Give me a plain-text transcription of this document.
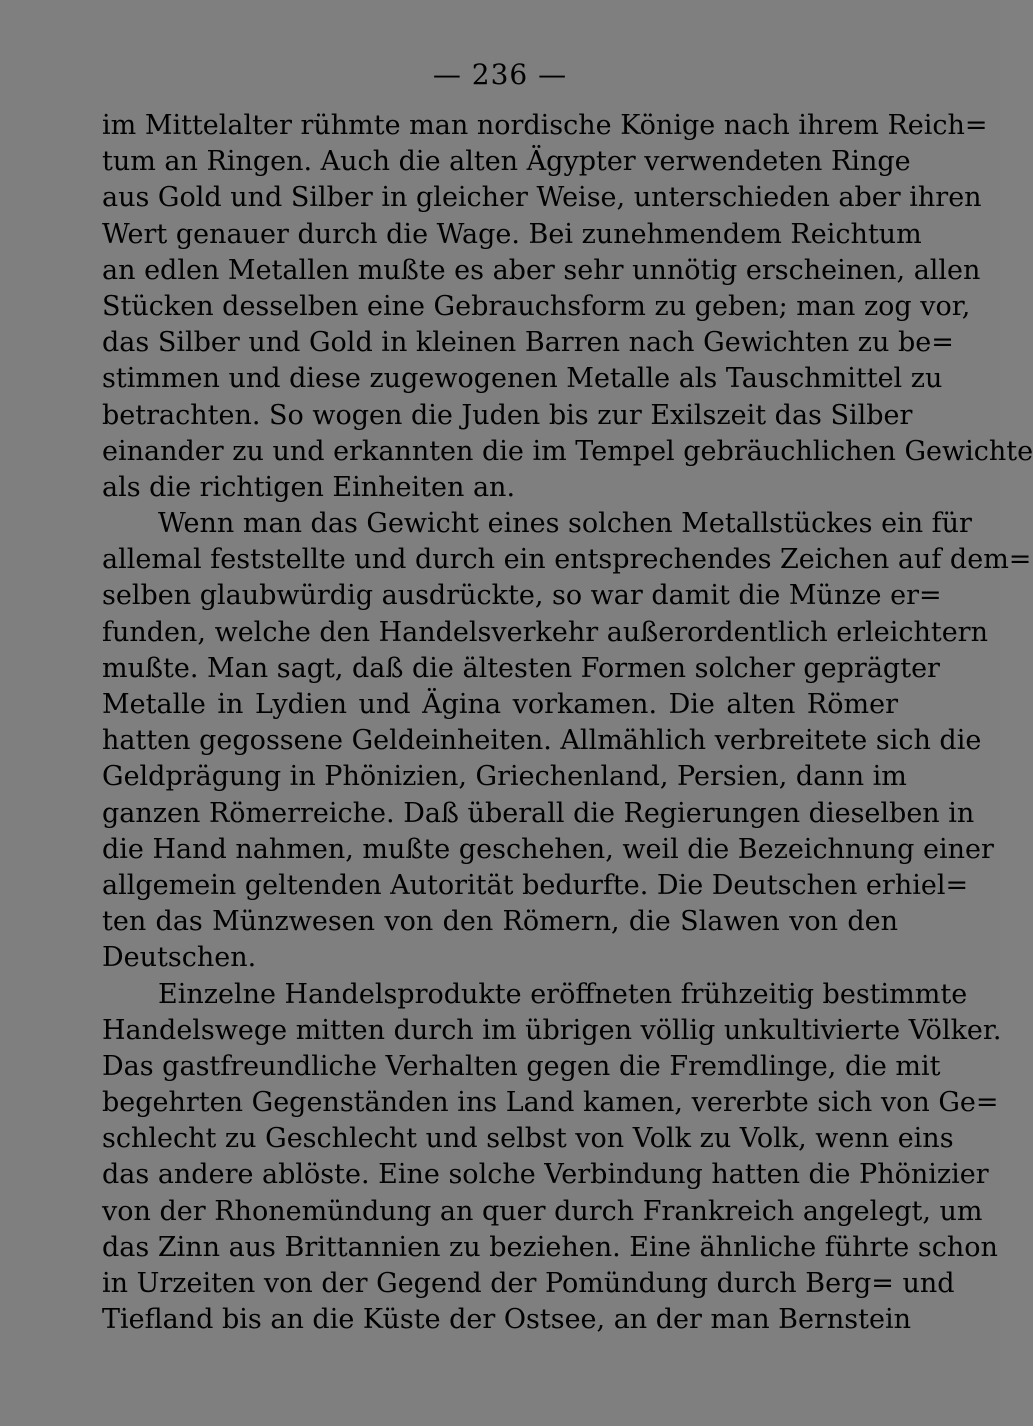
— 236 —
im Mittelalter rühmte man nordische Könige nach ihrem Reich=
tum an Ringen. Auch die alten Ägypter verwendeten Ringe
aus Gold und Silber in gleicher Weise, unterschieden aber ihren
Wert genauer durch die Wage. Bei zunehmendem Reichtum
an edlen Metallen mußte es aber sehr unnötig erscheinen, allen
Stücken desselben eine Gebrauchsform zu geben; man zog vor,
das Silber und Gold in kleinen Barren nach Gewichten zu be=
stimmen und diese zugewogenen Metalle als Tauschmittel zu
betrachten. So wogen die Juden bis zur Exilszeit das Silber
einander zu und erkannten die im Tempel gebräuchlichen Gewichte
als die richtigen Einheiten an.
Wenn man das Gewicht eines solchen Metallstückes ein für
allemal feststellte und durch ein entsprechendes Zeichen auf dem=
selben glaubwürdig ausdrückte, so war damit die Münze er=
funden, welche den Handelsverkehr außerordentlich erleichtern
mußte. Man sagt, daß die ältesten Formen solcher geprägter
Metalle in Lydien und Ägina vorkamen. Die alten Römer
hatten gegossene Geldeinheiten. Allmählich verbreitete sich die
Geldprägung in Phönizien, Griechenland, Persien, dann im
ganzen Römerreiche. Daß überall die Regierungen dieselben in
die Hand nahmen, mußte geschehen, weil die Bezeichnung einer
allgemein geltenden Autorität bedurfte. Die Deutschen erhiel=
ten das Münzwesen von den Römern, die Slawen von den
Deutschen.
Einzelne Handelsprodukte eröffneten frühzeitig bestimmte
Handelswege mitten durch im übrigen völlig unkultivierte Völker.
Das gastfreundliche Verhalten gegen die Fremdlinge, die mit
begehrten Gegenständen ins Land kamen, vererbte sich von Ge=
schlecht zu Geschlecht und selbst von Volk zu Volk, wenn eins
das andere ablöste. Eine solche Verbindung hatten die Phönizier
von der Rhonemündung an quer durch Frankreich angelegt, um
das Zinn aus Brittannien zu beziehen. Eine ähnliche führte schon
in Urzeiten von der Gegend der Pomündung durch Berg= und
Tiefland bis an die Küste der Ostsee, an der man Bernstein
